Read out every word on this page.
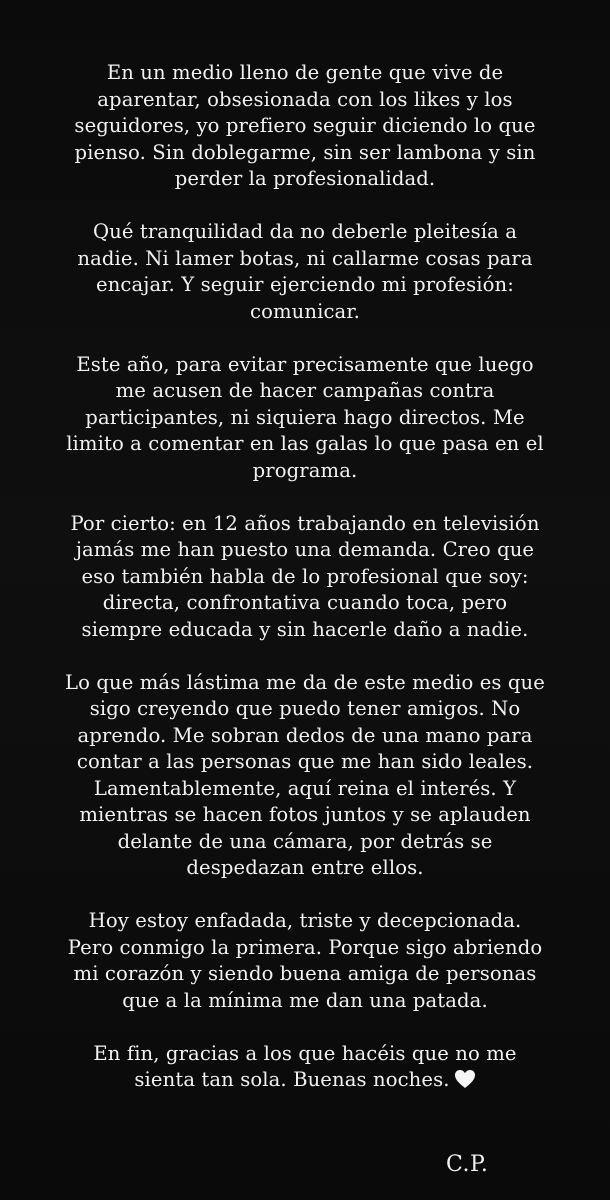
En un medio lleno de gente que vive de
aparentar, obsesionada con los likes y los
seguidores, yo prefiero seguir diciendo lo que
pienso. Sin doblegarme, sin ser lambona y sin
perder la profesionalidad.

Qué tranquilidad da no deberle pleitesía a
nadie. Ni lamer botas, ni callarme cosas para
encajar. Y seguir ejerciendo mi profesión:
comunicar.

Este año, para evitar precisamente que luego
me acusen de hacer campañas contra
participantes, ni siquiera hago directos. Me
limito a comentar en las galas lo que pasa en el
programa.

Por cierto: en 12 años trabajando en televisión
jamás me han puesto una demanda. Creo que
eso también habla de lo profesional que soy:
directa, confrontativa cuando toca, pero
siempre educada y sin hacerle daño a nadie.

Lo que más lástima me da de este medio es que
sigo creyendo que puedo tener amigos. No
aprendo. Me sobran dedos de una mano para
contar a las personas que me han sido leales.
Lamentablemente, aquí reina el interés. Y
mientras se hacen fotos juntos y se aplauden
delante de una cámara, por detrás se
despedazan entre ellos.

Hoy estoy enfadada, triste y decepcionada.
Pero conmigo la primera. Porque sigo abriendo
mi corazón y siendo buena amiga de personas
que a la mínima me dan una patada.

En fin, gracias a los que hacéis que no me
sienta tan sola. Buenas noches.

C.P.
